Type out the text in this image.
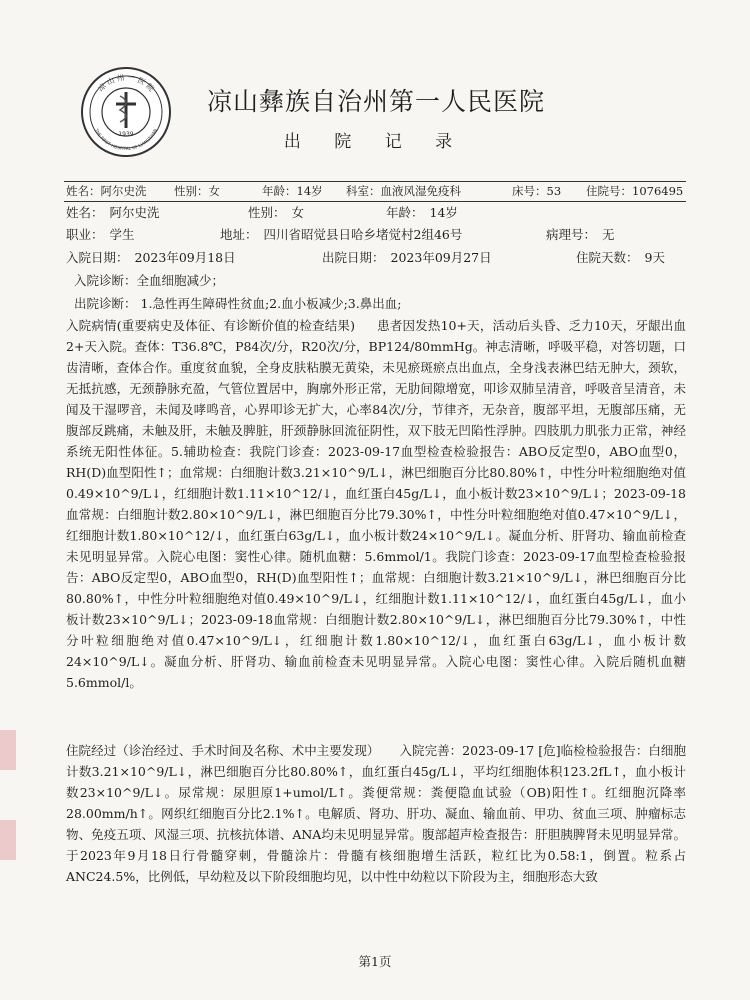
1939
凉 山 州 一 医 院
THE FIRST HOSPITAL OF LIANGSHAN
凉山彝族自治州第一人民医院
出 院 记 录
姓名：阿尔史洗 性别：女	年龄：14岁 科室：血液风湿免疫科	床号：53 住院号：1076495
姓名： 阿尔史洗	性别： 女	年龄： 14岁
职业： 学生	地址： 四川省昭觉县日哈乡堵觉村2组46号	病理号： 无
入院日期： 2023年09月18日	出院日期： 2023年09月27日	住院天数： 9天
入院诊断：全血细胞减少；
出院诊断： 1.急性再生障碍性贫血;2.血小板减少;3.鼻出血;
入院病情(重要病史及体征、有诊断价值的检查结果) 患者因发热10+天，活动后头昏、乏力10天，牙龈出血2+天入院。查体：T36.8℃，P84次/分，R20次/分，BP124/80mmHg。神志清晰，呼吸平稳，对答切题，口齿清晰，查体合作。重度贫血貌，全身皮肤粘膜无黄染，未见瘀斑瘀点出血点，全身浅表淋巴结无肿大，颈软，无抵抗感，无颈静脉充盈，气管位置居中，胸廓外形正常，无肋间隙增宽，叩诊双肺呈清音，呼吸音呈清音，未闻及干湿啰音，未闻及哮鸣音，心界叩诊无扩大，心率84次/分，节律齐，无杂音，腹部平坦，无腹部压痛，无腹部反跳痛，未触及肝，未触及脾脏，肝颈静脉回流征阴性，双下肢无凹陷性浮肿。四肢肌力肌张力正常，神经系统无阳性体征。5.辅助检查：我院门诊查：2023-09-17血型检查检验报告：ABO反定型0，ABO血型0，RH(D)血型阳性↑；血常规：白细胞计数3.21×10^9/L↓，淋巴细胞百分比80.80%↑，中性分叶粒细胞绝对值0.49×10^9/L↓，红细胞计数1.11×10^12/↓，血红蛋白45g/L↓，血小板计数23×10^9/L↓；2023-09-18血常规：白细胞计数2.80×10^9/L↓，淋巴细胞百分比79.30%↑，中性分叶粒细胞绝对值0.47×10^9/L↓，红细胞计数1.80×10^12/↓，血红蛋白63g/L↓，血小板计数24×10^9/L↓。凝血分析、肝肾功、输血前检查未见明显异常。入院心电图：窦性心律。随机血糖：5.6mmol/1。我院门诊查：2023-09-17血型检查检验报告：ABO反定型0，ABO血型0，RH(D)血型阳性↑；血常规：白细胞计数3.21×10^9/L↓，淋巴细胞百分比80.80%↑，中性分叶粒细胞绝对值0.49×10^9/L↓，红细胞计数1.11×10^12/↓，血红蛋白45g/L↓，血小板计数23×10^9/L↓；2023-09-18血常规：白细胞计数2.80×10^9/L↓，淋巴细胞百分比79.30%↑，中性分叶粒细胞绝对值0.47×10^9/L↓，红细胞计数1.80×10^12/↓，血红蛋白63g/L↓，血小板计数24×10^9/L↓。凝血分析、肝肾功、输血前检查未见明显异常。入院心电图：窦性心律。入院后随机血糖5.6mmol/l。
住院经过（诊治经过、手术时间及名称、术中主要发现） 入院完善：2023-09-17 [危]临检检验报告：白细胞计数3.21×10^9/L↓，淋巴细胞百分比80.80%↑，血红蛋白45g/L↓，平均红细胞体积123.2fL↑，血小板计数23×10^9/L↓。尿常规：尿胆原1+umol/L↑。粪便常规：粪便隐血试验（OB)阳性↑。红细胞沉降率28.00mm/h↑。网织红细胞百分比2.1%↑。电解质、肾功、肝功、凝血、输血前、甲功、贫血三项、肿瘤标志物、免疫五项、风湿三项、抗核抗体谱、ANA均未见明显异常。腹部超声检查报告：肝胆胰脾肾未见明显异常。于2023年9月18日行骨髓穿刺，骨髓涂片：骨髓有核细胞增生活跃，粒红比为0.58:1，倒置。粒系占ANC24.5%，比例低，早幼粒及以下阶段细胞均见，以中性中幼粒以下阶段为主，细胞形态大致
第1页
